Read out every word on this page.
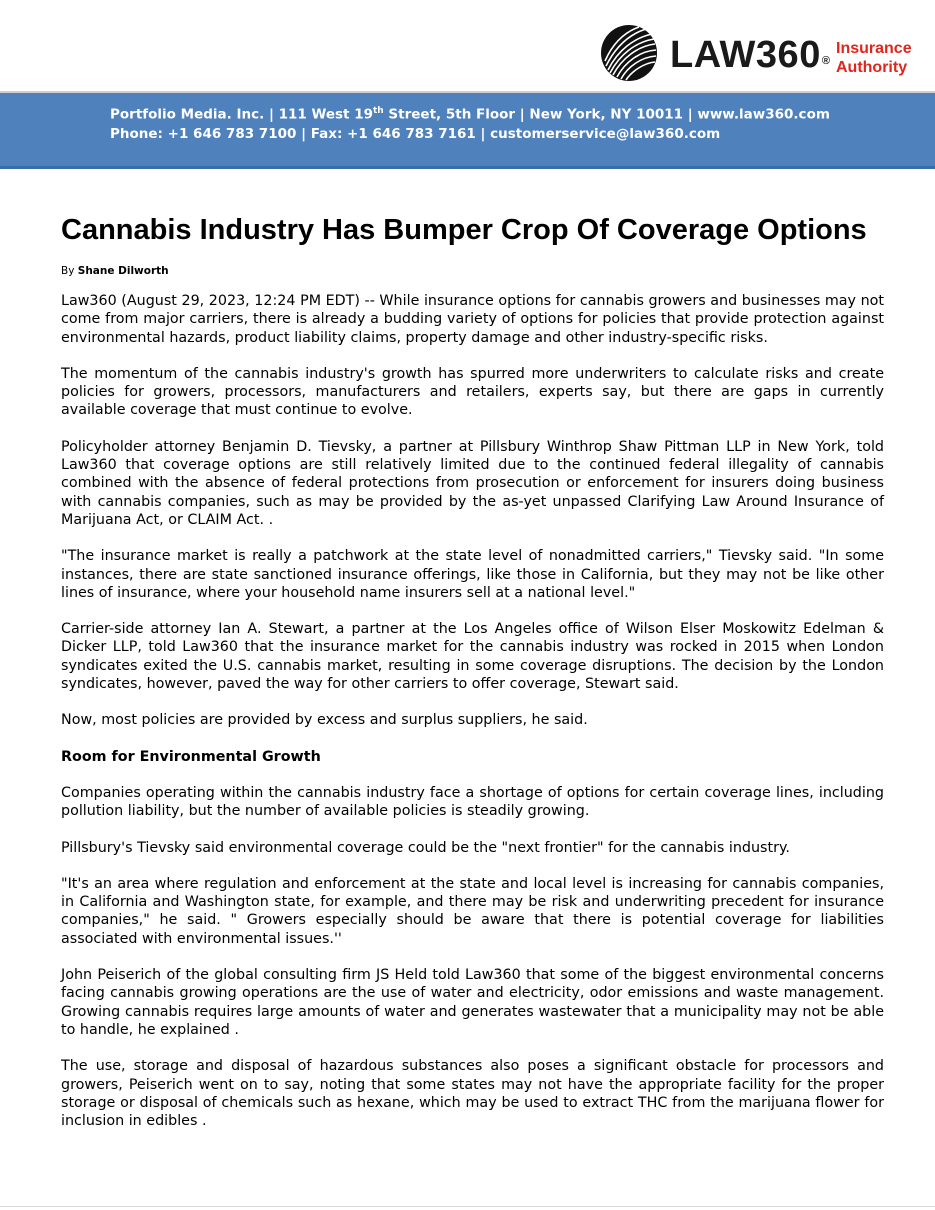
LAW360®
Insurance
Authority
Portfolio Media. Inc. | 111 West 19th Street, 5th Floor | New York, NY 10011 | www.law360.com
Phone: +1 646 783 7100 | Fax: +1 646 783 7161 | customerservice@law360.com
Cannabis Industry Has Bumper Crop Of Coverage Options
By Shane Dilworth

Law360 (August 29, 2023, 12:24 PM EDT) -- While insurance options for cannabis growers and businesses may not come from major carriers, there is already a budding variety of options for policies that provide protection against environmental hazards, product liability claims, property damage and other industry-specific risks.

The momentum of the cannabis industry's growth has spurred more underwriters to calculate risks and create policies for growers, processors, manufacturers and retailers, experts say, but there are gaps in currently available coverage that must continue to evolve.

Policyholder attorney Benjamin D. Tievsky, a partner at Pillsbury Winthrop Shaw Pittman LLP in New York, told Law360 that coverage options are still relatively limited due to the continued federal illegality of cannabis combined with the absence of federal protections from prosecution or enforcement for insurers doing business with cannabis companies, such as may be provided by the as-yet unpassed Clarifying Law Around Insurance of Marijuana Act, or CLAIM Act. .

"The insurance market is really a patchwork at the state level of nonadmitted carriers," Tievsky said. "In some instances, there are state sanctioned insurance offerings, like those in California, but they may not be like other lines of insurance, where your household name insurers sell at a national level."

Carrier-side attorney Ian A. Stewart, a partner at the Los Angeles office of Wilson Elser Moskowitz Edelman & Dicker LLP, told Law360 that the insurance market for the cannabis industry was rocked in 2015 when London syndicates exited the U.S. cannabis market, resulting in some coverage disruptions. The decision by the London syndicates, however, paved the way for other carriers to offer coverage, Stewart said.

Now, most policies are provided by excess and surplus suppliers, he said.

Room for Environmental Growth

Companies operating within the cannabis industry face a shortage of options for certain coverage lines, including pollution liability, but the number of available policies is steadily growing.

Pillsbury's Tievsky said environmental coverage could be the "next frontier" for the cannabis industry.

"It's an area where regulation and enforcement at the state and local level is increasing for cannabis companies, in California and Washington state, for example, and there may be risk and underwriting precedent for insurance companies," he said. " Growers especially should be aware that there is potential coverage for liabilities associated with environmental issues.''

John Peiserich of the global consulting firm JS Held told Law360 that some of the biggest environmental concerns facing cannabis growing operations are the use of water and electricity, odor emissions and waste management. Growing cannabis requires large amounts of water and generates wastewater that a municipality may not be able to handle, he explained .

The use, storage and disposal of hazardous substances also poses a significant obstacle for processors and growers, Peiserich went on to say, noting that some states may not have the appropriate facility for the proper storage or disposal of chemicals such as hexane, which may be used to extract THC from the marijuana flower for inclusion in edibles .
